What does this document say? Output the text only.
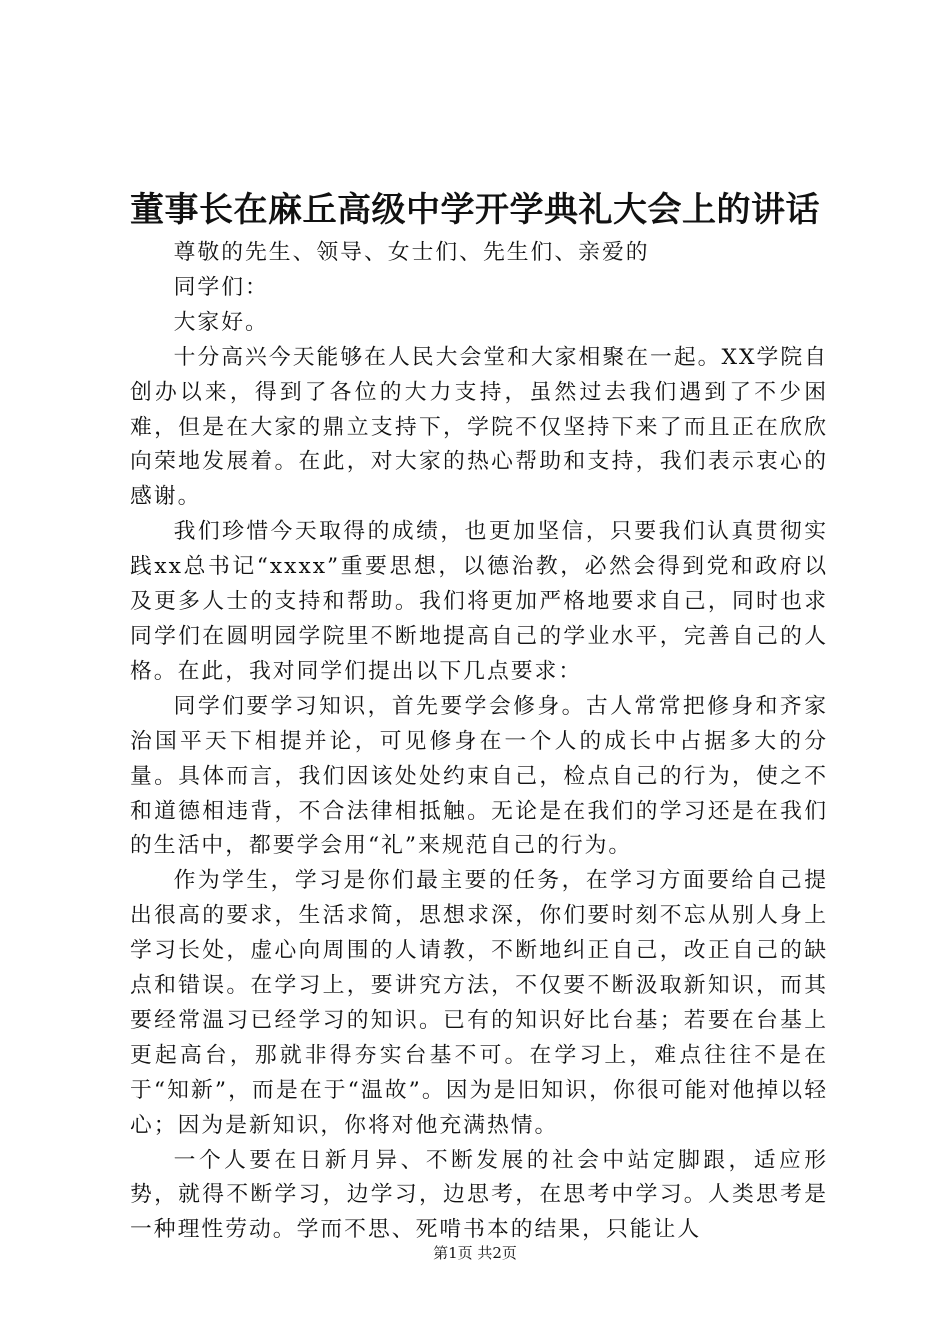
董事长在麻丘高级中学开学典礼大会上的讲话

尊敬的先生、领导、女士们、先生们、亲爱的

同学们：

大家好。

十分高兴今天能够在人民大会堂和大家相聚在一起。XX学院自创办以来，得到了各位的大力支持，虽然过去我们遇到了不少困难，但是在大家的鼎立支持下，学院不仅坚持下来了而且正在欣欣向荣地发展着。在此，对大家的热心帮助和支持，我们表示衷心的感谢。

我们珍惜今天取得的成绩，也更加坚信，只要我们认真贯彻实践xx总书记“xxxx”重要思想，以德治教，必然会得到党和政府以及更多人士的支持和帮助。我们将更加严格地要求自己，同时也求同学们在圆明园学院里不断地提高自己的学业水平，完善自己的人格。在此，我对同学们提出以下几点要求：

同学们要学习知识，首先要学会修身。古人常常把修身和齐家治国平天下相提并论，可见修身在一个人的成长中占据多大的分量。具体而言，我们因该处处约束自己，检点自己的行为，使之不和道德相违背，不合法律相抵触。无论是在我们的学习还是在我们的生活中，都要学会用“礼”来规范自己的行为。

作为学生，学习是你们最主要的任务，在学习方面要给自己提出很高的要求，生活求简，思想求深，你们要时刻不忘从别人身上学习长处，虚心向周围的人请教，不断地纠正自己，改正自己的缺点和错误。在学习上，要讲究方法，不仅要不断汲取新知识，而其要经常温习已经学习的知识。已有的知识好比台基；若要在台基上更起高台，那就非得夯实台基不可。在学习上，难点往往不是在于“知新”，而是在于“温故”。因为是旧知识，你很可能对他掉以轻心；因为是新知识，你将对他充满热情。

一个人要在日新月异、不断发展的社会中站定脚跟，适应形势，就得不断学习，边学习，边思考，在思考中学习。人类思考是一种理性劳动。学而不思、死啃书本的结果，只能让人

第1页 共2页
